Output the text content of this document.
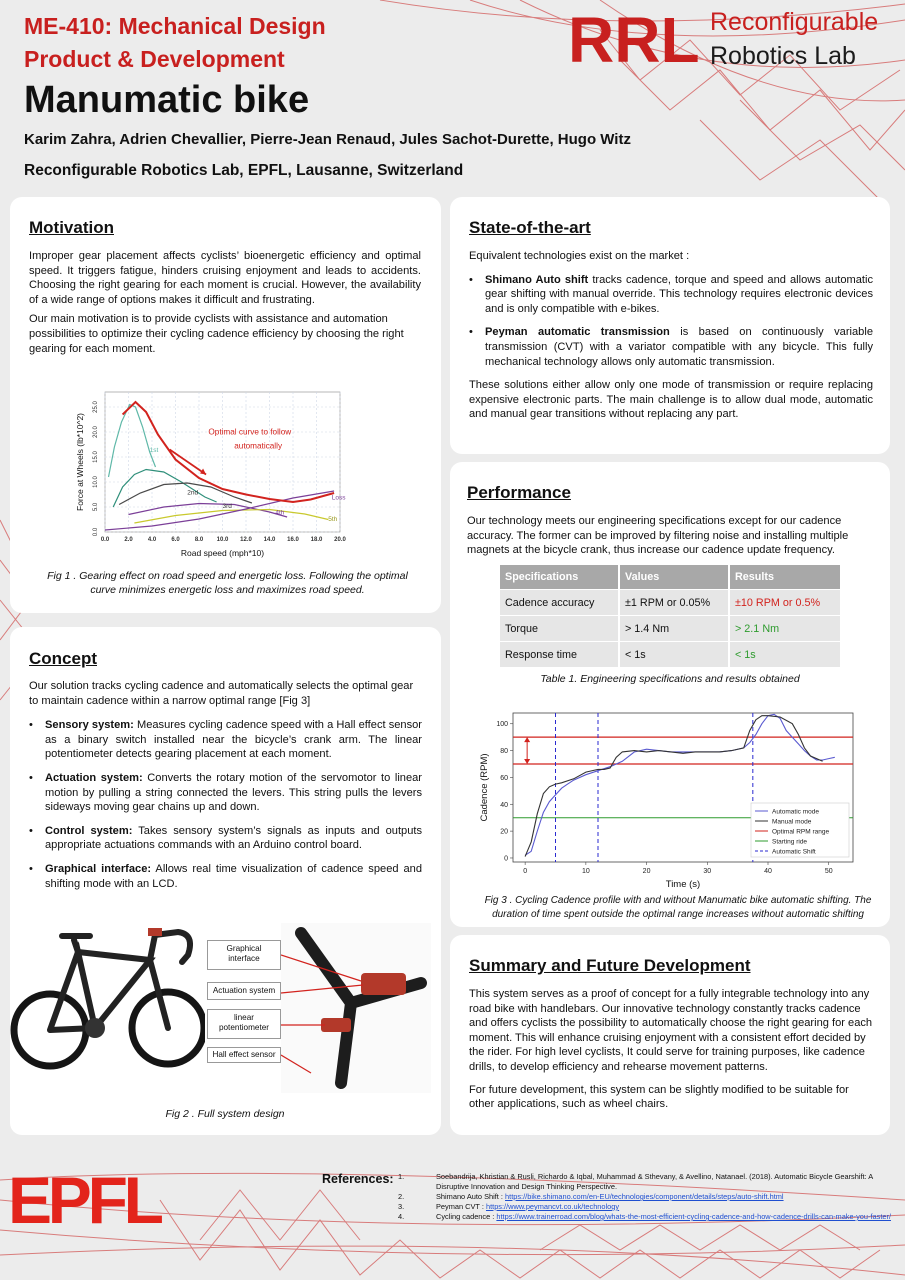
ME-410: Mechanical Design
Product & Development
Manumatic bike
Karim Zahra, Adrien Chevallier, Pierre-Jean Renaud, Jules Sachot-Durette, Hugo Witz
Reconfigurable Robotics Lab, EPFL, Lausanne, Switzerland
RRL Reconfigurable
Robotics Lab
Motivation

Improper gear placement affects cyclists’ bioenergetic efficiency and optimal speed. It triggers fatigue, hinders cruising enjoyment and leads to accidents. Choosing the right gearing for each moment is crucial. However, the availability of a wide range of options makes it difficult and frustrating.

Our main motivation is to provide cyclists with assistance and automation possibilities to optimize their cycling cadence efficiency by choosing the right gearing for each moment.

0.0	2.0	4.0	6.0	8.0 10.0 12.0 14.0 16.0 18.0 20.0
0.0
5.0
10.0
15.0
20.0
25.0
Road speed (mph*10)
Force at Wheels (lb*10^2)	1st
2nd
3rd
4th
5th
Loss
Optimal curve to follow
automatically
Fig 1 . Gearing effect on road speed and energetic loss. Following the optimal curve minimizes energetic loss and maximizes road speed.
State-of-the-art

Equivalent technologies exist on the market :

• Shimano Auto shift tracks cadence, torque and speed and allows automatic gear shifting with manual override. This technology requires electronic devices and is only compatible with e-bikes.
• Peyman automatic transmission is based on continuously variable transmission (CVT) with a variator compatible with any bicycle. This fully mechanical technology allows only automatic transmission.

These solutions either allow only one mode of transmission or require replacing expensive electronic parts. The main challenge is to allow dual mode, automatic and manual gear transitions without replacing any part.

Performance
Our technology meets our engineering specifications except for our cadence accuracy. The former can be improved by filtering noise and installing multiple magnets at the bicycle crank, thus increase our cadence update frequency.
Specifications	Values	Results
Cadence accuracy	±1 RPM or 0.05%	±10 RPM or 0.5%
Torque	> 1.4 Nm	> 2.1 Nm
Response time	< 1s	< 1s
Table 1. Engineering specifications and results obtained
0	10	20	30	40	50
0
20
40
60
80
100
Time (s)
Cadence (RPM)	Automatic mode
Manual mode
Optimal RPM range
Starting ride
Automatic Shift
Fig 3 . Cycling Cadence profile with and without Manumatic bike automatic shifting. The duration of time spent outside the optimal range increases without automatic shifting
Concept

Our solution tracks cycling cadence and automatically selects the optimal gear to maintain cadence within a narrow optimal range [Fig 3]

• Sensory system: Measures cycling cadence speed with a Hall effect sensor as a binary switch installed near the bicycle’s crank arm. The linear potentiometer detects gearing placement at each moment.
• Actuation system: Converts the rotary motion of the servomotor to linear motion by pulling a string connected the levers. This string pulls the levers sideways moving gear chains up and down.
• Control system: Takes sensory system’s signals as inputs and outputs appropriate actuations commands with an Arduino control board.
• Graphical interface: Allows real time visualization of cadence speed and shifting mode with an LCD.
Graphical interface
Actuation system
linear potentiometer
Hall effect sensor
Fig 2 . Full system design
Summary and Future Development

This system serves as a proof of concept for a fully integrable technology into any road bike with handlebars. Our innovative technology constantly tracks cadence and offers cyclists the possibility to automatically choose the right gearing for each moment. This will enhance cruising enjoyment with a consistent effort decided by the rider. For high level cyclists, It could serve for training purposes, like cadence drills, to develop efficiency and rehearse movement patterns.

For future development, this system can be slightly modified to be suitable for other applications, such as wheel chairs.

EPFL	References: 1.	Soebandrija, Khristian & Rusli, Richardo & Iqbal, Muhammad & Sthevany, & Avellino, Natanael. (2018). Automatic Bicycle Gearshift: A Disruptive Innovation and Design Thinking Perspective.
2.	Shimano Auto Shift : https://bike.shimano.com/en-EU/technologies/component/details/steps/auto-shift.html
3.	Peyman CVT : https://www.peymancvt.co.uk/technology
4.	Cycling cadence : https://www.trainerroad.com/blog/whats-the-most-efficient-cycling-cadence-and-how-cadence-drills-can-make-you-faster/
